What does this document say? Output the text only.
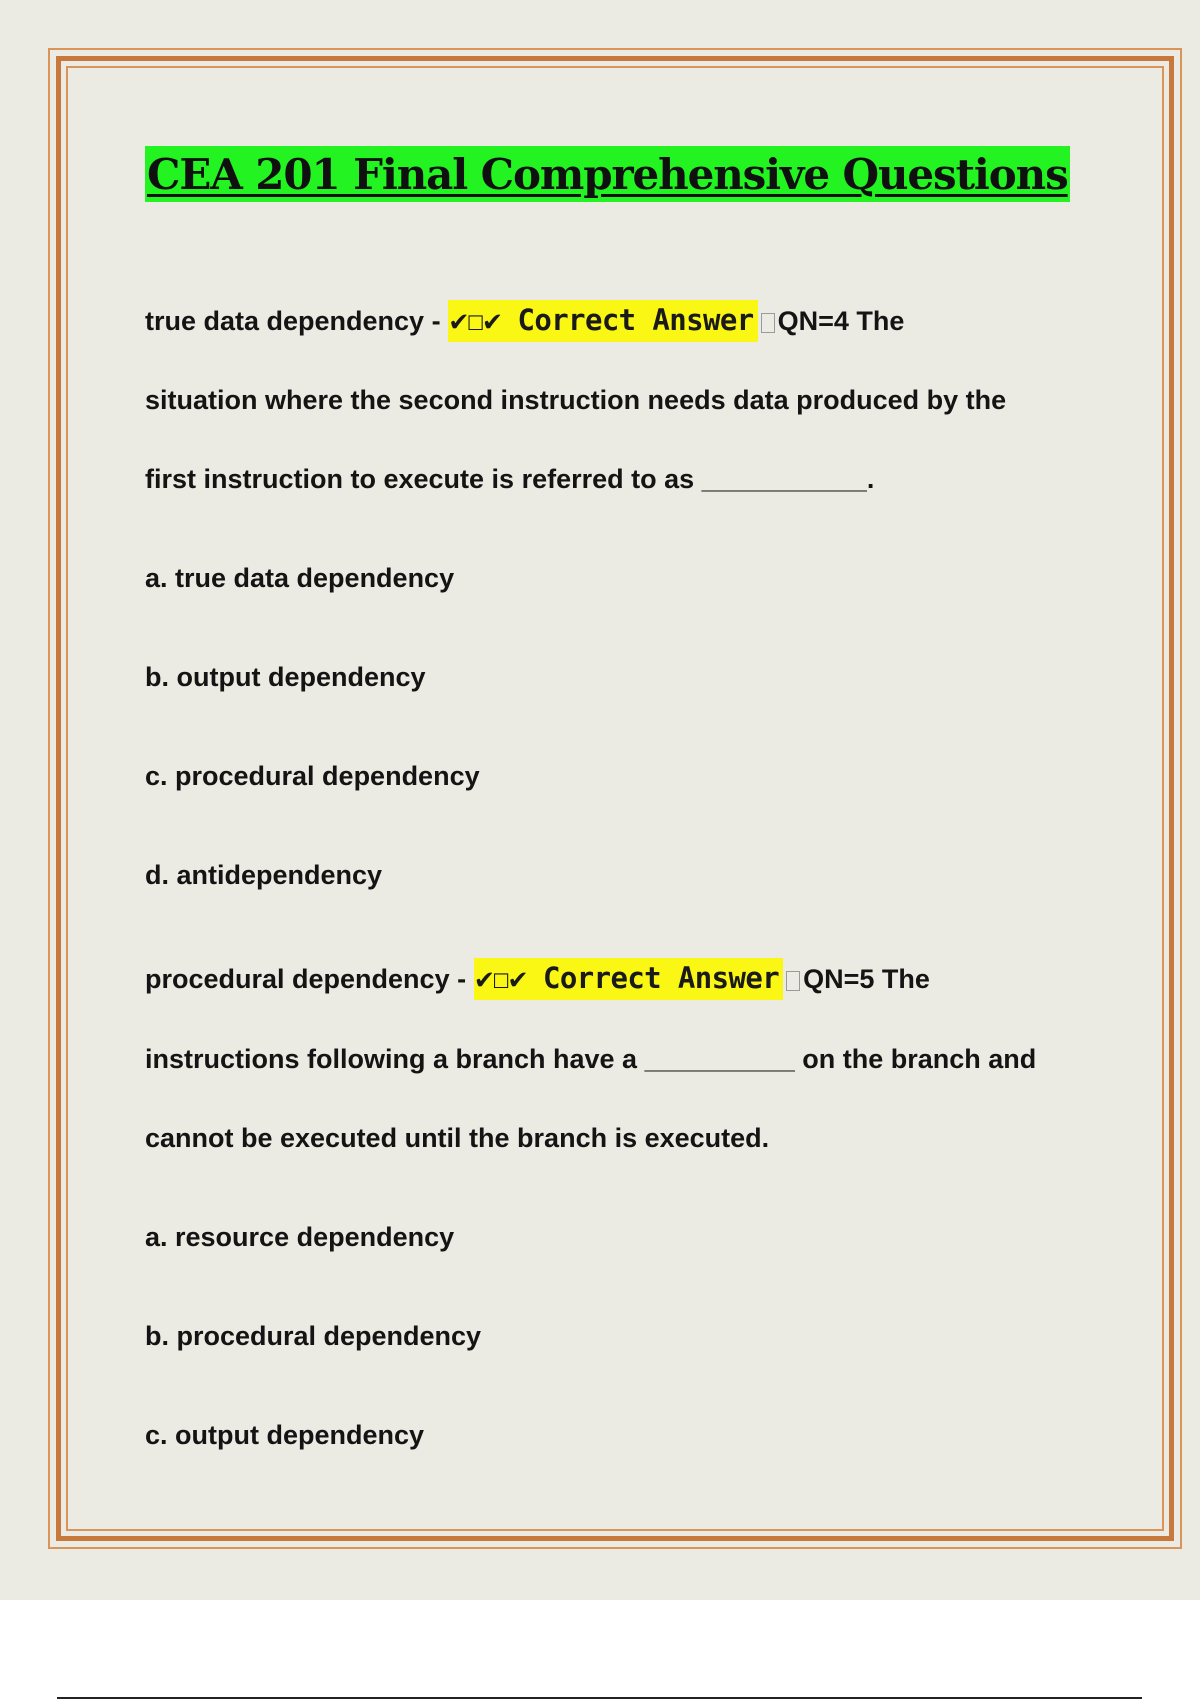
CEA 201 Final Comprehensive Questions

true data dependency - ✔☐✔ Correct Answer QN=4 The

situation where the second instruction needs data produced by the

first instruction to execute is referred to as ___________.

a. true data dependency

b. output dependency

c. procedural dependency

d. antidependency

procedural dependency - ✔☐✔ Correct Answer QN=5 The

instructions following a branch have a __________ on the branch and

cannot be executed until the branch is executed.

a. resource dependency

b. procedural dependency

c. output dependency
